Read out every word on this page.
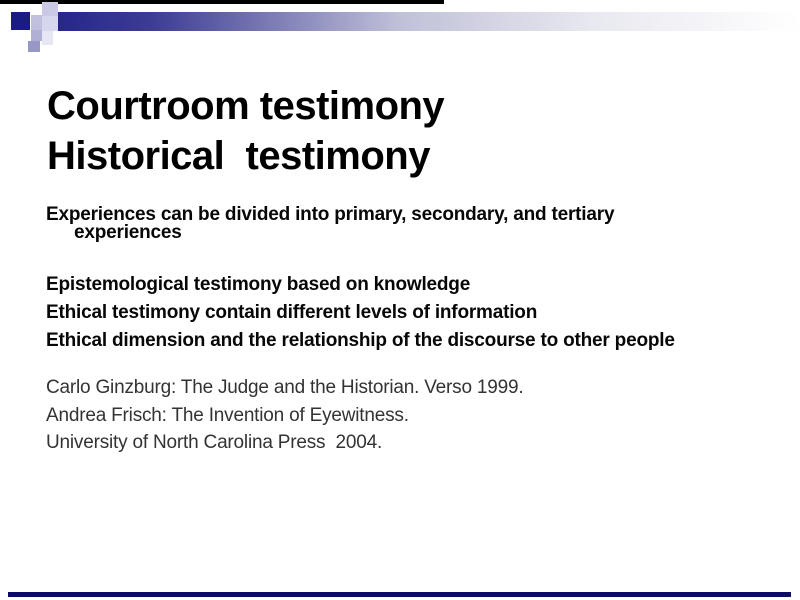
Courtroom testimony
Historical  testimony
Experiences can be divided into primary, secondary, and tertiary
experiences
Epistemological testimony based on knowledge
Ethical testimony contain different levels of information
Ethical dimension and the relationship of the discourse to other people
Carlo Ginzburg: The Judge and the Historian. Verso 1999.
Andrea Frisch: The Invention of Eyewitness.
University of North Carolina Press  2004.
